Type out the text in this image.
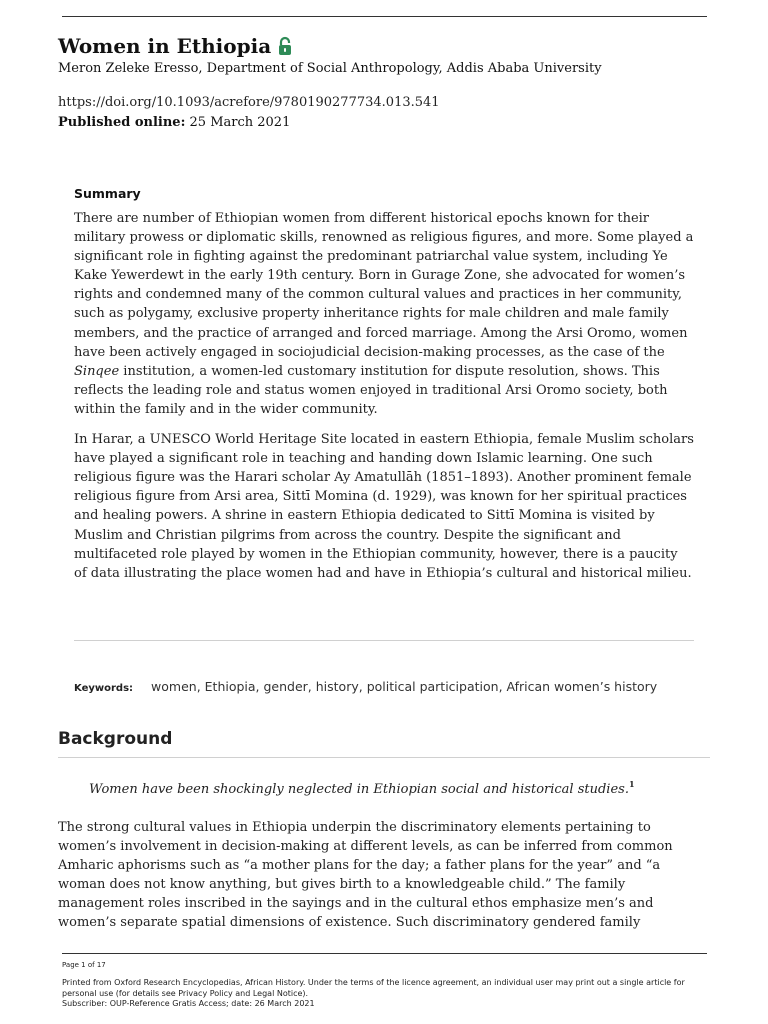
Women in Ethiopia
Meron Zeleke Eresso, Department of Social Anthropology, Addis Ababa University
https://doi.org/10.1093/acrefore/9780190277734.013.541
Published online: 25 March 2021
Summary

There are number of Ethiopian women from different historical epochs known for their military prowess or diplomatic skills, renowned as religious figures, and more. Some played a significant role in fighting against the predominant patriarchal value system, including Ye Kake Yewerdewt in the early 19th century. Born in Gurage Zone, she advocated for women’s rights and condemned many of the common cultural values and practices in her community, such as polygamy, exclusive property inheritance rights for male children and male family members, and the practice of arranged and forced marriage. Among the Arsi Oromo, women have been actively engaged in sociojudicial decision-making processes, as the case of the Sinqee institution, a women-led customary institution for dispute resolution, shows. This reflects the leading role and status women enjoyed in traditional Arsi Oromo society, both within the family and in the wider community.

In Harar, a UNESCO World Heritage Site located in eastern Ethiopia, female Muslim scholars have played a significant role in teaching and handing down Islamic learning. One such religious figure was the Harari scholar Ay Amatullāh (1851–1893). Another prominent female religious figure from Arsi area, Sittī Momina (d. 1929), was known for her spiritual practices and healing powers. A shrine in eastern Ethiopia dedicated to Sittī Momina is visited by Muslim and Christian pilgrims from across the country. Despite the significant and multifaceted role played by women in the Ethiopian community, however, there is a paucity of data illustrating the place women had and have in Ethiopia’s cultural and historical milieu.

Keywords: women, Ethiopia, gender, history, political participation, African women’s history
Background
Women have been shockingly neglected in Ethiopian social and historical studies.$^1$

The strong cultural values in Ethiopia underpin the discriminatory elements pertaining to women’s involvement in decision-making at different levels, as can be inferred from common Amharic aphorisms such as “a mother plans for the day; a father plans for the year” and “a woman does not know anything, but gives birth to a knowledgeable child.” The family management roles inscribed in the sayings and in the cultural ethos emphasize men’s and women’s separate spatial dimensions of existence. Such discriminatory gendered family

Page 1 of 17

Printed from Oxford Research Encyclopedias, African History. Under the terms of the licence agreement, an individual user may print out a single article for personal use (for details see Privacy Policy and Legal Notice).

Subscriber: OUP-Reference Gratis Access; date: 26 March 2021
